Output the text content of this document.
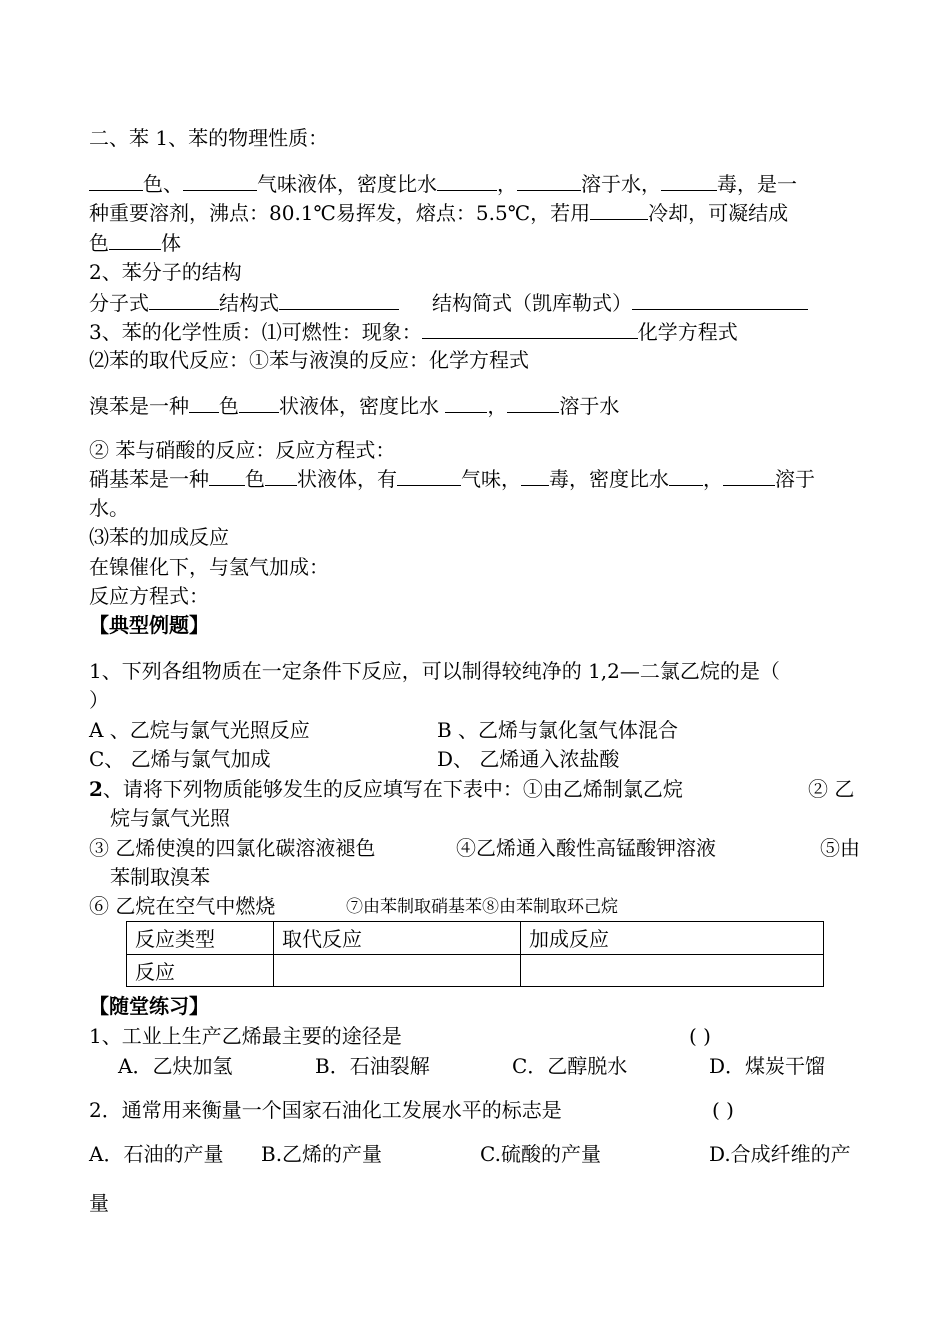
二、苯 1、苯的物理性质：
色、	气味液体，密度比水	，	溶于水，	毒，是一
种重要溶剂，沸点：80.1℃易挥发，熔点：5.5℃，若用	冷却，可凝结成
色	体
2、苯分子的结构
分子式	结构式	结构简式（凯库勒式）
3、苯的化学性质：⑴可燃性：现象：	化学方程式
⑵苯的取代反应：①苯与液溴的反应：化学方程式
溴苯是一种 色 状液体，密度比水 ，	溶于水
② 苯与硝酸的反应：反应方程式：
硝基苯是一种 色 状液体，有	气味， 毒，密度比水 ，	溶于
水。
⑶苯的加成反应
在镍催化下，与氢气加成：
反应方程式：
【典型例题】
1、下列各组物质在一定条件下反应，可以制得较纯净的 1,2—二氯乙烷的是（
）
A 、乙烷与氯气光照反应	B 、乙烯与氯化氢气体混合
C、 乙烯与氯气加成	D、 乙烯通入浓盐酸
2、请将下列物质能够发生的反应填写在下表中：①由乙烯制氯乙烷	② 乙
烷与氯气光照
③ 乙烯使溴的四氯化碳溶液褪色	④乙烯通入酸性高锰酸钾溶液	⑤由
苯制取溴苯
⑥ 乙烷在空气中燃烧	⑦由苯制取硝基苯⑧由苯制取环己烷
反应类型	取代反应	加成反应
反应		
【随堂练习】
1、工业上生产乙烯最主要的途径是	( )
A．乙炔加氢	B．石油裂解	C．乙醇脱水	D．煤炭干馏
2．通常用来衡量一个国家石油化工发展水平的标志是	( )
A．石油的产量 B.乙烯的产量	C.硫酸的产量	D.合成纤维的产
量
